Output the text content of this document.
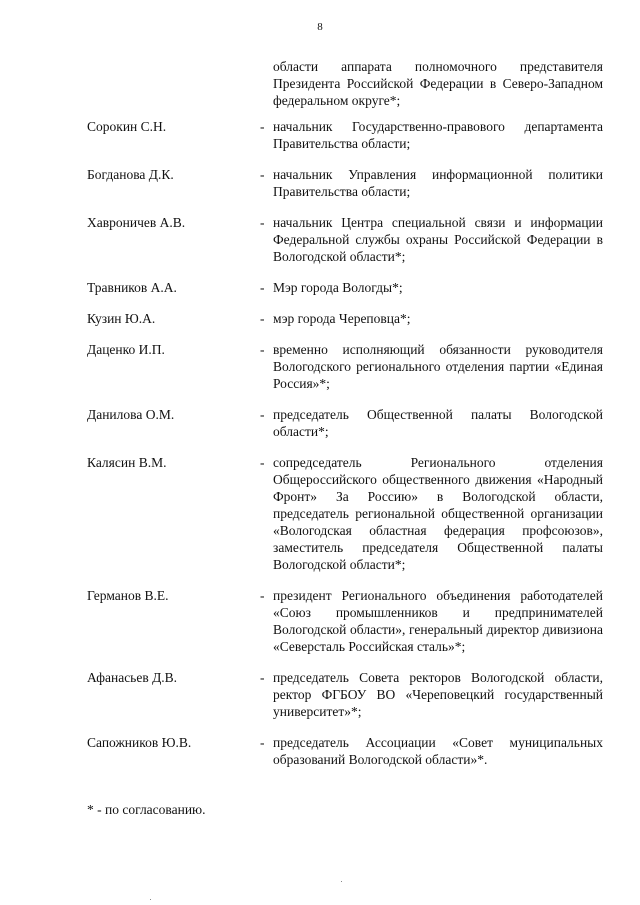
8
области аппарата полномочного представителя Президента Российской Федерации в Северо-Западном федеральном округе*;
Сорокин С.Н.	- начальник Государственно-правового департамента Правительства области;
Богданова Д.К.	- начальник Управления информационной политики Правительства области;
Хавроничев А.В.	- начальник Центра специальной связи и информации Федеральной службы охраны Российской Федерации в Вологодской области*;
Травников А.А.	- Мэр города Вологды*;
Кузин Ю.А.	- мэр города Череповца*;
Даценко И.П.	- временно исполняющий обязанности руководителя Вологодского регионального отделения партии «Единая Россия»*;
Данилова О.М.	- председатель Общественной палаты Вологодской области*;
Калясин В.М.	- сопредседатель Регионального отделения Общероссийского общественного движения «Народный Фронт» За Россию» в Вологодской области, председатель региональной общественной организации «Вологодская областная федерация профсоюзов», заместитель председателя Общественной палаты Вологодской области*;
Германов В.Е.	- президент Регионального объединения работодателей «Союз промышленников и предпринимателей Вологодской области», генеральный директор дивизиона «Северсталь Российская сталь»*;
Афанасьев Д.В.	- председатель Совета ректоров Вологодской области, ректор ФГБОУ ВО «Череповецкий государственный университет»*;
Сапожников Ю.В.	- председатель Ассоциации «Совет муниципальных образований Вологодской области»*.
* - по согласованию.
